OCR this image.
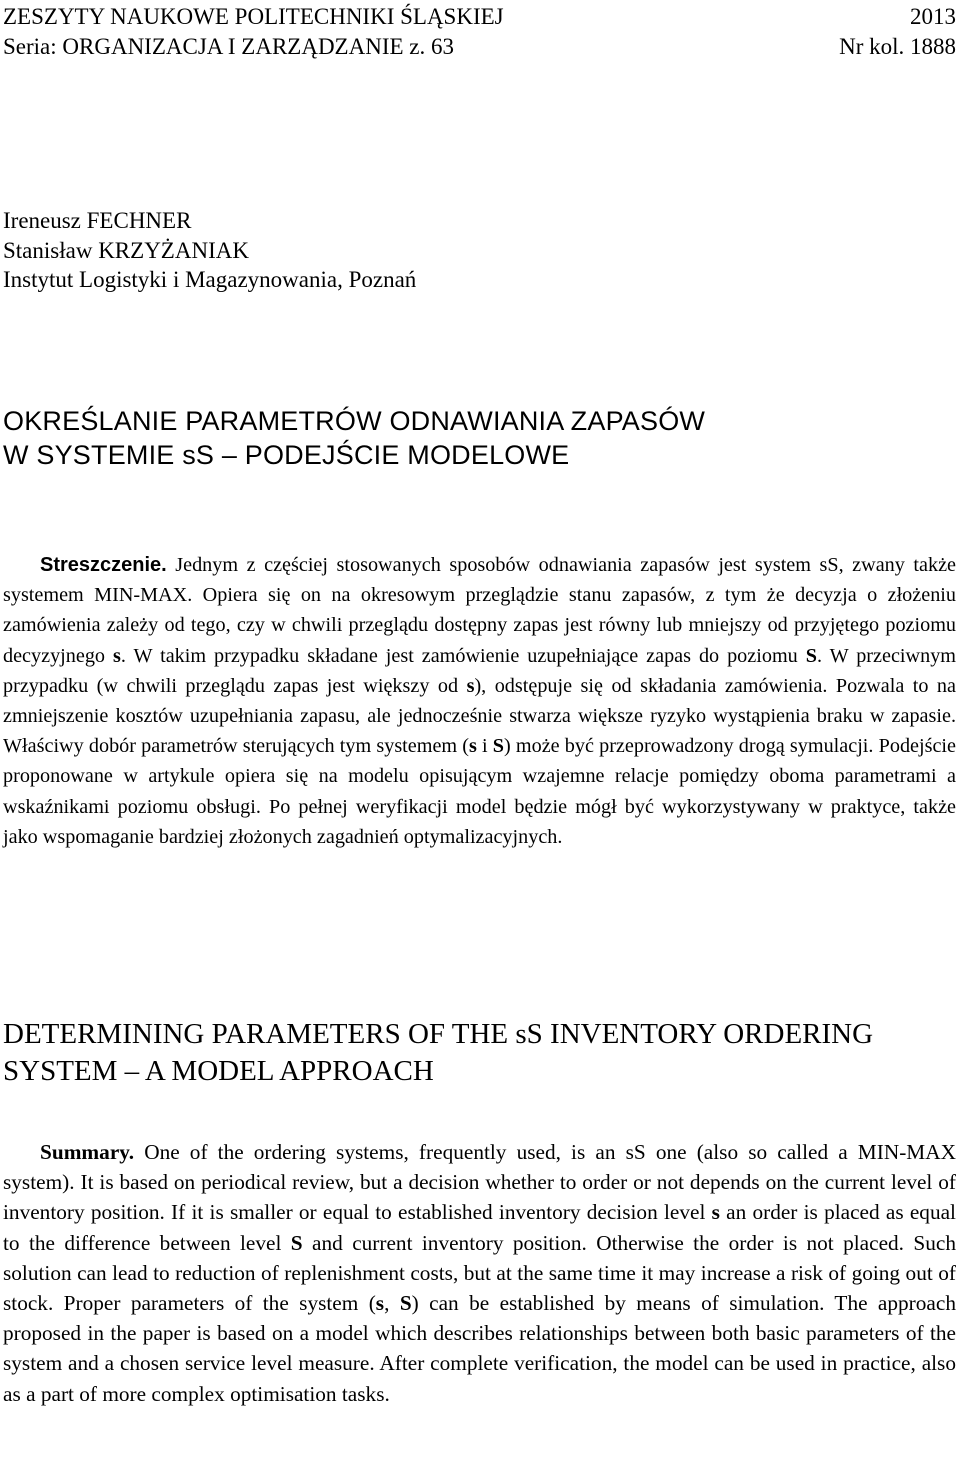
ZESZYTY NAUKOWE POLITECHNIKI ŚLĄSKIEJ	2013
Seria: ORGANIZACJA I ZARZĄDZANIE z. 63	Nr kol. 1888
Ireneusz FECHNER
Stanisław KRZYŻANIAK
Instytut Logistyki i Magazynowania, Poznań
OKREŚLANIE PARAMETRÓW ODNAWIANIA ZAPASÓW
W SYSTEMIE sS – PODEJŚCIE MODELOWE
Streszczenie. Jednym z częściej stosowanych sposobów odnawiania zapasów jest system sS, zwany także systemem MIN-MAX. Opiera się on na okresowym przeglądzie stanu zapasów, z tym że decyzja o złożeniu zamówienia zależy od tego, czy w chwili przeglądu dostępny zapas jest równy lub mniejszy od przyjętego poziomu decyzyjnego s. W takim przypadku składane jest zamówienie uzupełniające zapas do poziomu S. W przeciwnym przypadku (w chwili przeglądu zapas jest większy od s), odstępuje się od składania zamówienia. Pozwala to na zmniejszenie kosztów uzupełniania zapasu, ale jednocześnie stwarza większe ryzyko wystąpienia braku w zapasie. Właściwy dobór parametrów sterujących tym systemem (s i S) może być przeprowadzony drogą symulacji. Podejście proponowane w artykule opiera się na modelu opisującym wzajemne relacje pomiędzy oboma parametrami a wskaźnikami poziomu obsługi. Po pełnej weryfikacji model będzie mógł być wykorzystywany w praktyce, także jako wspomaganie bardziej złożonych zagadnień optymalizacyjnych.
DETERMINING PARAMETERS OF THE sS INVENTORY ORDERING
SYSTEM – A MODEL APPROACH
Summary. One of the ordering systems, frequently used, is an sS one (also so called a MIN-MAX system). It is based on periodical review, but a decision whether to order or not depends on the current level of inventory position. If it is smaller or equal to established inventory decision level s an order is placed as equal to the difference between level S and current inventory position. Otherwise the order is not placed. Such solution can lead to reduction of replenishment costs, but at the same time it may increase a risk of going out of stock. Proper parameters of the system (s, S) can be established by means of simulation. The approach proposed in the paper is based on a model which describes relationships between both basic parameters of the system and a chosen service level measure. After complete verification, the model can be used in practice, also as a part of more complex optimisation tasks.
